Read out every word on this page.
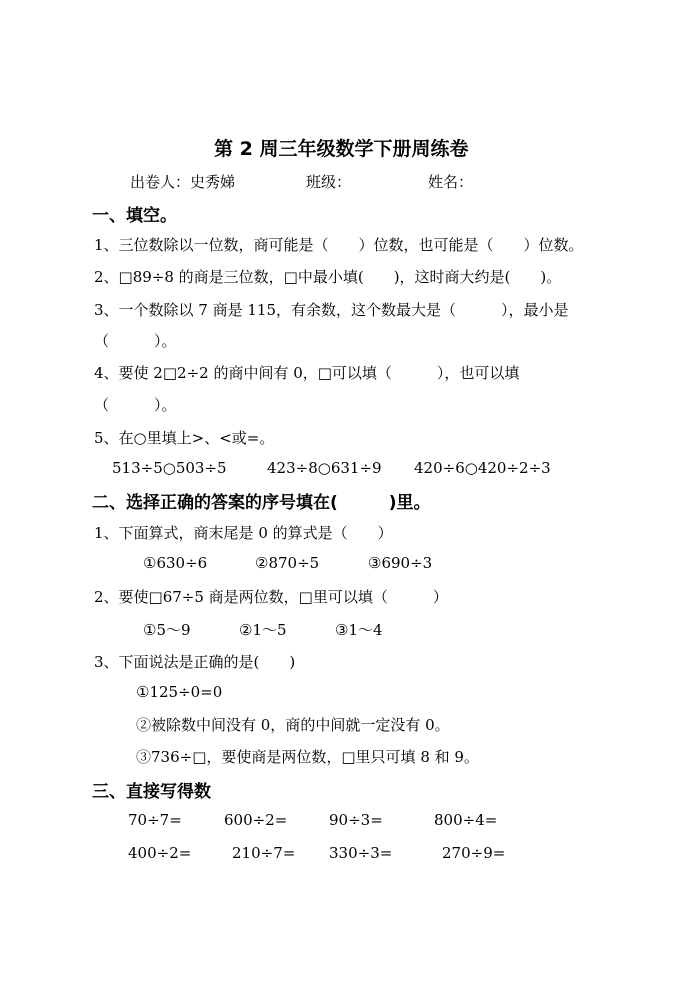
第 2 周三年级数学下册周练卷
出卷人：史秀娣	班级：	姓名：
一、填空。
1、三位数除以一位数，商可能是（　　）位数，也可能是（　　）位数。
2、□89÷8 的商是三位数，□中最小填(　　)，这时商大约是(　　)。
3、一个数除以 7 商是 115，有余数，这个数最大是（　　　），最小是
（　　　）。
4、要使 2□2÷2 的商中间有 0，□可以填（　　　），也可以填
（　　　）。
5、在○里填上>、<或=。
513÷5○503÷5	423÷8○631÷9 420÷6○420÷2÷3
二、选择正确的答案的序号填在(　　　)里。
1、下面算式，商末尾是 0 的算式是（　　）
①630÷6	②870÷5	③690÷3
2、要使□67÷5 商是两位数，□里可以填（　　　）
①5～9	②1～5	③1～4
3、下面说法是正确的是(　　)
①125÷0=0
②被除数中间没有 0，商的中间就一定没有 0。
③736÷□，要使商是两位数，□里只可填 8 和 9。
三、直接写得数
70÷7=	600÷2=	90÷3=	800÷4=
400÷2=	210÷7= 330÷3=	270÷9=
